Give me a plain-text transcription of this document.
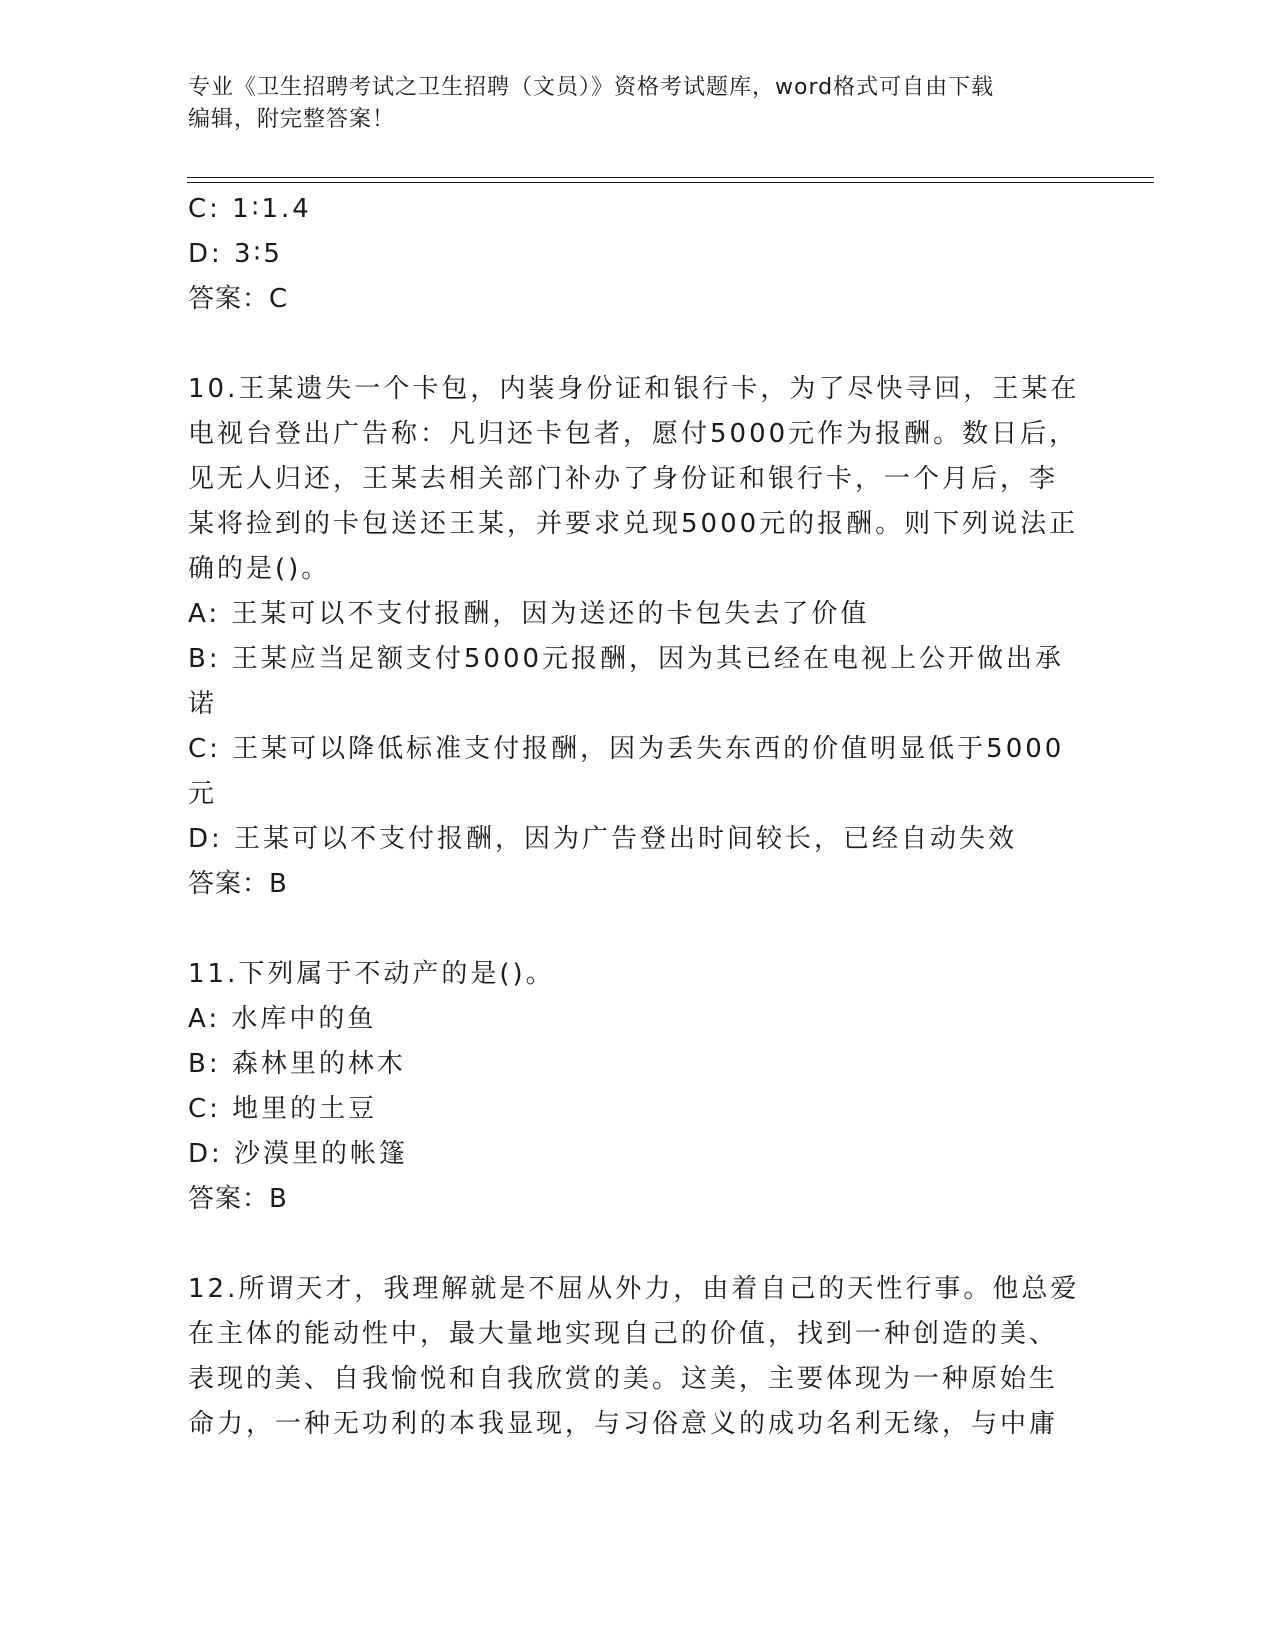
专业《卫生招聘考试之卫生招聘（文员）》资格考试题库，word格式可自由下载
编辑，附完整答案！
C: 1∶1.4
D: 3∶5
答案：C
10.王某遗失一个卡包，内装身份证和银行卡，为了尽快寻回，王某在
电视台登出广告称：凡归还卡包者，愿付5000元作为报酬。数日后，
见无人归还，王某去相关部门补办了身份证和银行卡，一个月后，李
某将捡到的卡包送还王某，并要求兑现5000元的报酬。则下列说法正
确的是()。
A: 王某可以不支付报酬，因为送还的卡包失去了价值
B: 王某应当足额支付5000元报酬，因为其已经在电视上公开做出承
诺
C: 王某可以降低标准支付报酬，因为丢失东西的价值明显低于5000
元
D: 王某可以不支付报酬，因为广告登出时间较长，已经自动失效
答案：B
11.下列属于不动产的是()。
A: 水库中的鱼
B: 森林里的林木
C: 地里的土豆
D: 沙漠里的帐篷
答案：B
12.所谓天才，我理解就是不屈从外力，由着自己的天性行事。他总爱
在主体的能动性中，最大量地实现自己的价值，找到一种创造的美、
表现的美、自我愉悦和自我欣赏的美。这美，主要体现为一种原始生
命力，一种无功利的本我显现，与习俗意义的成功名利无缘，与中庸
